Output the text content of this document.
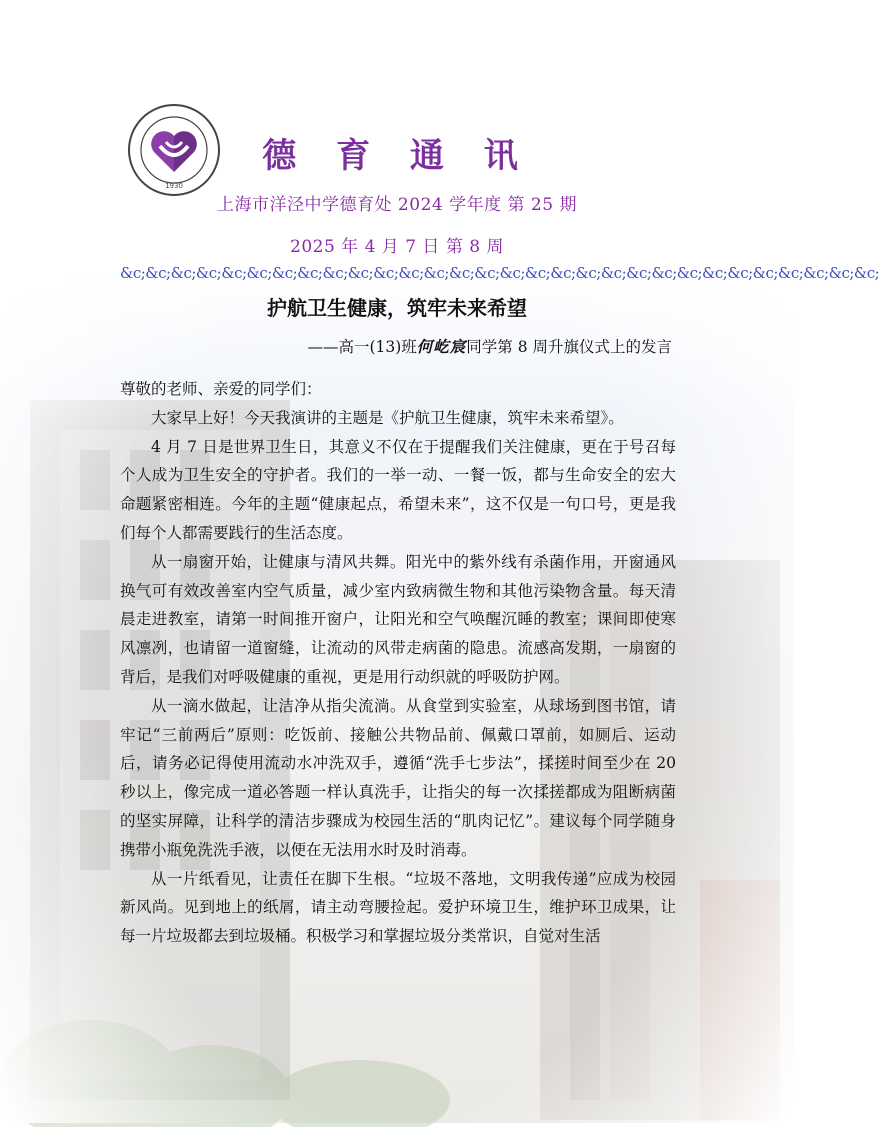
1930
德 育 通 讯
上海市洋泾中学德育处 2024 学年度 第 25 期
2025 年 4 月 7 日 第 8 周
&c;&c;&c;&c;&c;&c;&c;&c;&c;&c;&c;&c;&c;&c;&c;&c;&c;&c;&c;&c;&c;&c;&c;&c;&c;&c;&c;&c;&c;&c;
护航卫生健康，筑牢未来希望
——高一(13)班何屹宸同学第 8 周升旗仪式上的发言

尊敬的老师、亲爱的同学们：

大家早上好！今天我演讲的主题是《护航卫生健康，筑牢未来希望》。

4 月 7 日是世界卫生日，其意义不仅在于提醒我们关注健康，更在于号召每个人成为卫生安全的守护者。我们的一举一动、一餐一饭，都与生命安全的宏大命题紧密相连。今年的主题“健康起点，希望未来”，这不仅是一句口号，更是我们每个人都需要践行的生活态度。

从一扇窗开始，让健康与清风共舞。阳光中的紫外线有杀菌作用，开窗通风换气可有效改善室内空气质量，减少室内致病微生物和其他污染物含量。每天清晨走进教室，请第一时间推开窗户，让阳光和空气唤醒沉睡的教室；课间即使寒风凛冽，也请留一道窗缝，让流动的风带走病菌的隐患。流感高发期，一扇窗的背后，是我们对呼吸健康的重视，更是用行动织就的呼吸防护网。

从一滴水做起，让洁净从指尖流淌。从食堂到实验室，从球场到图书馆，请牢记“三前两后”原则：吃饭前、接触公共物品前、佩戴口罩前，如厕后、运动后，请务必记得使用流动水冲洗双手，遵循“洗手七步法”，揉搓时间至少在 20 秒以上，像完成一道必答题一样认真洗手，让指尖的每一次揉搓都成为阻断病菌的坚实屏障，让科学的清洁步骤成为校园生活的“肌肉记忆”。建议每个同学随身携带小瓶免洗洗手液，以便在无法用水时及时消毒。

从一片纸看见，让责任在脚下生根。“垃圾不落地，文明我传递”应成为校园新风尚。见到地上的纸屑，请主动弯腰捡起。爱护环境卫生，维护环卫成果，让每一片垃圾都去到垃圾桶。积极学习和掌握垃圾分类常识，自觉对生活
